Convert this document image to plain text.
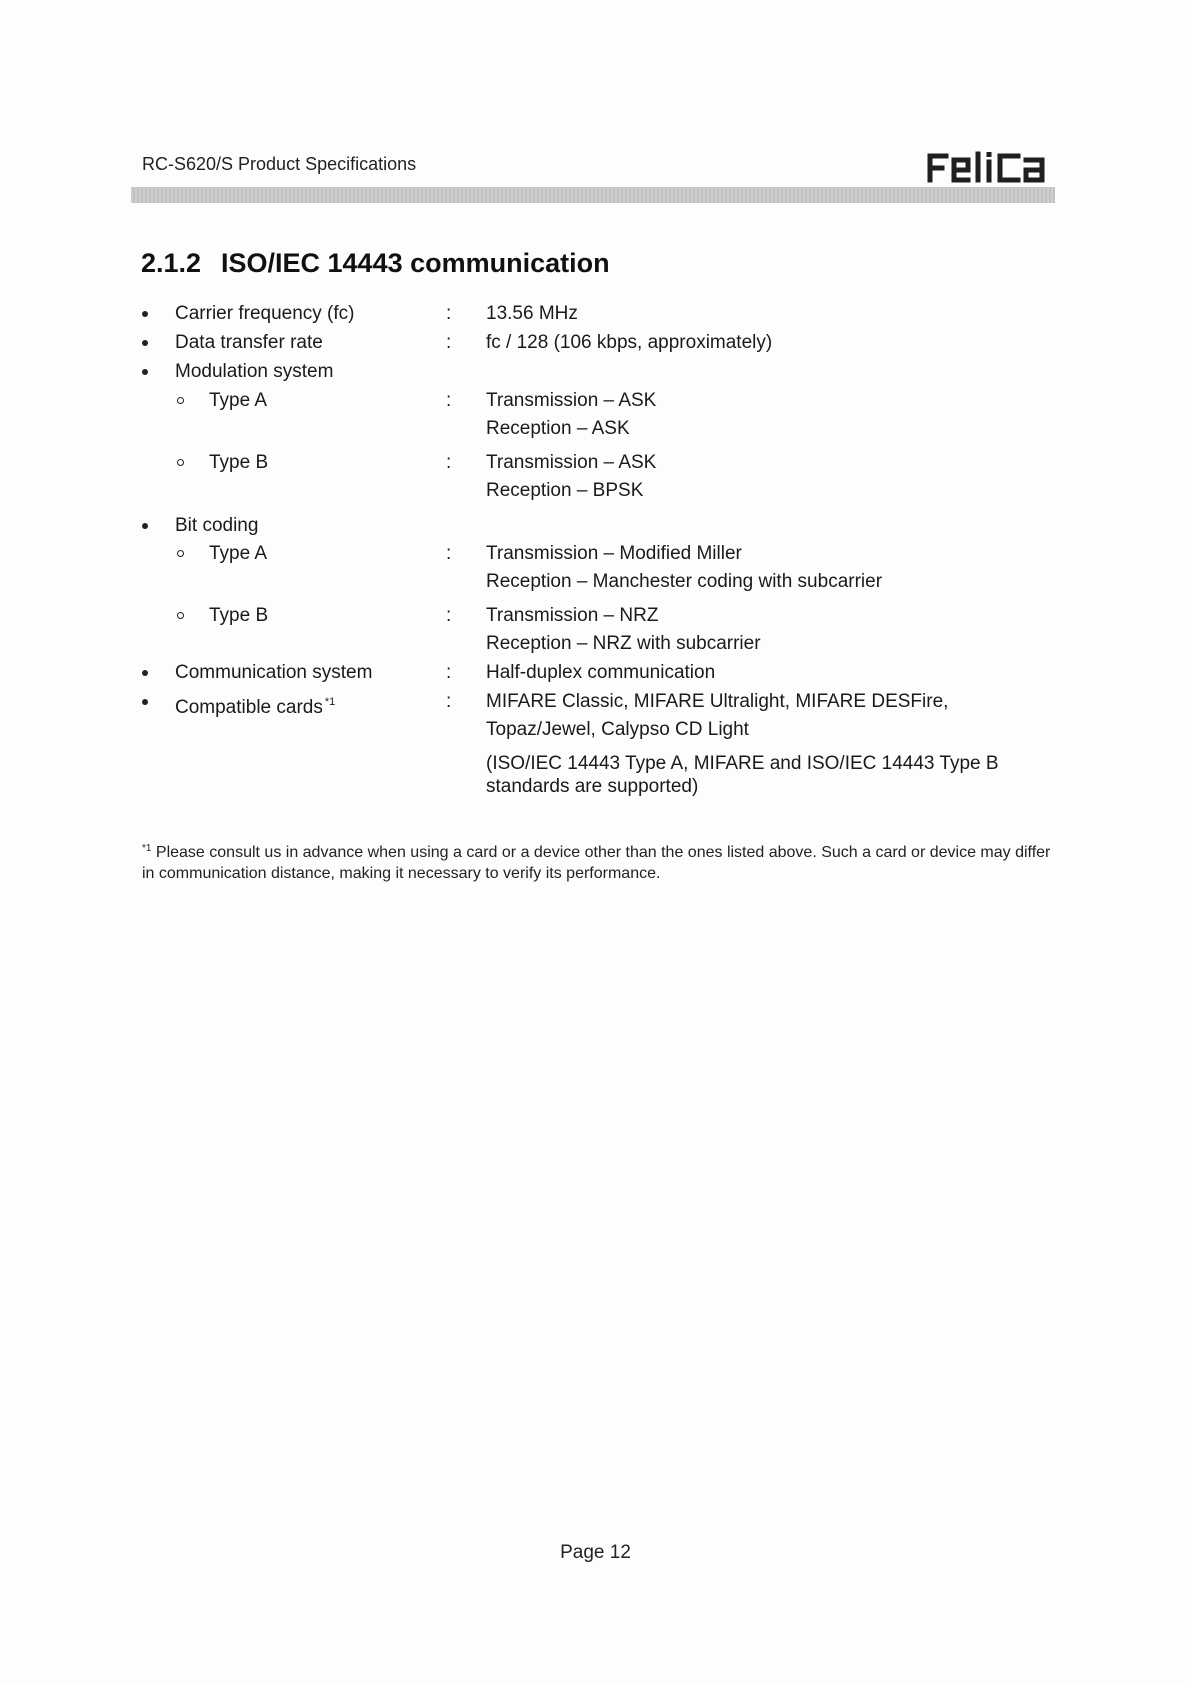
RC-S620/S Product Specifications
2.1.2 ISO/IEC 14443 communication
Carrier frequency (fc)	: 13.56 MHz
Data transfer rate	: fc / 128 (106 kbps, approximately)
Modulation system
Type A	: Transmission – ASK
Reception – ASK
Type B	: Transmission – ASK
Reception – BPSK
Bit coding
Type A	: Transmission – Modified Miller
Reception – Manchester coding with subcarrier
Type B	: Transmission – NRZ
Reception – NRZ with subcarrier
Communication system	: Half-duplex communication
Compatible cards $^{*1}$	: MIFARE Classic, MIFARE Ultralight, MIFARE DESFire,
Topaz/Jewel, Calypso CD Light
(ISO/IEC 14443 Type A, MIFARE and ISO/IEC 14443 Type B standards are supported)
$^{*1}$ Please consult us in advance when using a card or a device other than the ones listed above. Such a card or device may differ in communication distance, making it necessary to verify its performance.
Page 12
